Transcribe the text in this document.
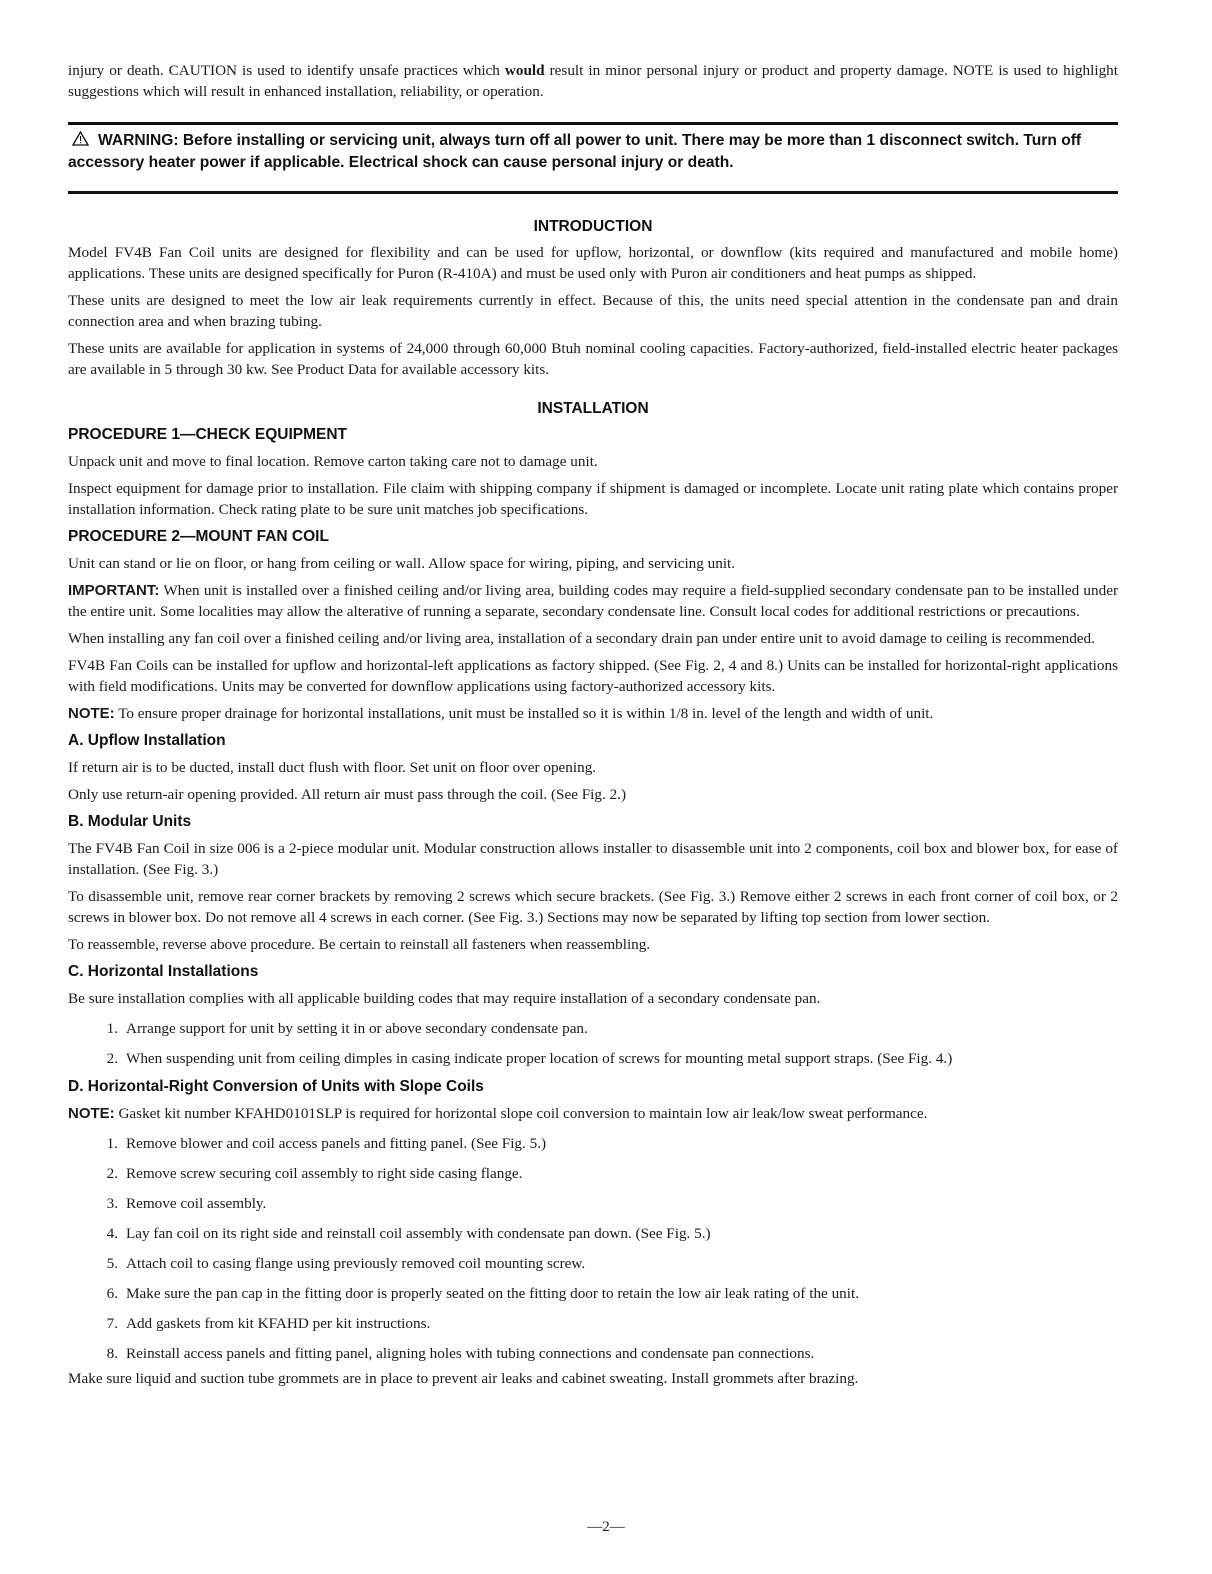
injury or death. CAUTION is used to identify unsafe practices which would result in minor personal injury or product and property damage. NOTE is used to highlight suggestions which will result in enhanced installation, reliability, or operation.

WARNING: Before installing or servicing unit, always turn off all power to unit. There may be more than 1 disconnect switch. Turn off accessory heater power if applicable. Electrical shock can cause personal injury or death.
INTRODUCTION

Model FV4B Fan Coil units are designed for flexibility and can be used for upflow, horizontal, or downflow (kits required and manufactured and mobile home) applications. These units are designed specifically for Puron (R-410A) and must be used only with Puron air conditioners and heat pumps as shipped.

These units are designed to meet the low air leak requirements currently in effect. Because of this, the units need special attention in the condensate pan and drain connection area and when brazing tubing.

These units are available for application in systems of 24,000 through 60,000 Btuh nominal cooling capacities. Factory-authorized, field-installed electric heater packages are available in 5 through 30 kw. See Product Data for available accessory kits.

INSTALLATION
PROCEDURE 1—CHECK EQUIPMENT

Unpack unit and move to final location. Remove carton taking care not to damage unit.

Inspect equipment for damage prior to installation. File claim with shipping company if shipment is damaged or incomplete. Locate unit rating plate which contains proper installation information. Check rating plate to be sure unit matches job specifications.

PROCEDURE 2—MOUNT FAN COIL

Unit can stand or lie on floor, or hang from ceiling or wall. Allow space for wiring, piping, and servicing unit.

IMPORTANT: When unit is installed over a finished ceiling and/or living area, building codes may require a field-supplied secondary condensate pan to be installed under the entire unit. Some localities may allow the alterative of running a separate, secondary condensate line. Consult local codes for additional restrictions or precautions.

When installing any fan coil over a finished ceiling and/or living area, installation of a secondary drain pan under entire unit to avoid damage to ceiling is recommended.

FV4B Fan Coils can be installed for upflow and horizontal-left applications as factory shipped. (See Fig. 2, 4 and 8.) Units can be installed for horizontal-right applications with field modifications. Units may be converted for downflow applications using factory-authorized accessory kits.

NOTE: To ensure proper drainage for horizontal installations, unit must be installed so it is within 1/8 in. level of the length and width of unit.

A. Upflow Installation

If return air is to be ducted, install duct flush with floor. Set unit on floor over opening.

Only use return-air opening provided. All return air must pass through the coil. (See Fig. 2.)

B. Modular Units

The FV4B Fan Coil in size 006 is a 2-piece modular unit. Modular construction allows installer to disassemble unit into 2 components, coil box and blower box, for ease of installation. (See Fig. 3.)

To disassemble unit, remove rear corner brackets by removing 2 screws which secure brackets. (See Fig. 3.) Remove either 2 screws in each front corner of coil box, or 2 screws in blower box. Do not remove all 4 screws in each corner. (See Fig. 3.) Sections may now be separated by lifting top section from lower section.

To reassemble, reverse above procedure. Be certain to reinstall all fasteners when reassembling.

C. Horizontal Installations

Be sure installation complies with all applicable building codes that may require installation of a secondary condensate pan.

1. Arrange support for unit by setting it in or above secondary condensate pan.
2. When suspending unit from ceiling dimples in casing indicate proper location of screws for mounting metal support straps. (See Fig. 4.)
D. Horizontal-Right Conversion of Units with Slope Coils

NOTE: Gasket kit number KFAHD0101SLP is required for horizontal slope coil conversion to maintain low air leak/low sweat performance.

1. Remove blower and coil access panels and fitting panel. (See Fig. 5.)
2. Remove screw securing coil assembly to right side casing flange.
3. Remove coil assembly.
4. Lay fan coil on its right side and reinstall coil assembly with condensate pan down. (See Fig. 5.)
5. Attach coil to casing flange using previously removed coil mounting screw.
6. Make sure the pan cap in the fitting door is properly seated on the fitting door to retain the low air leak rating of the unit.
7. Add gaskets from kit KFAHD per kit instructions.
8. Reinstall access panels and fitting panel, aligning holes with tubing connections and condensate pan connections.

Make sure liquid and suction tube grommets are in place to prevent air leaks and cabinet sweating. Install grommets after brazing.

—2—
